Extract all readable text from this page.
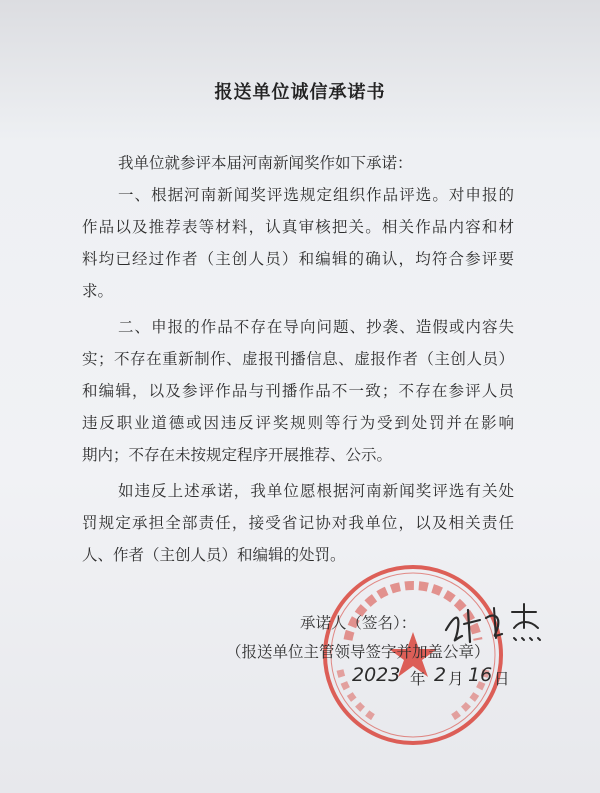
报送单位诚信承诺书
我单位就参评本届河南新闻奖作如下承诺：
一、根据河南新闻奖评选规定组织作品评选。对申报的
作品以及推荐表等材料，认真审核把关。相关作品内容和材
料均已经过作者（主创人员）和编辑的确认，均符合参评要
求。
二、申报的作品不存在导向问题、抄袭、造假或内容失
实；不存在重新制作、虚报刊播信息、虚报作者（主创人员）
和编辑，以及参评作品与刊播作品不一致；不存在参评人员
违反职业道德或因违反评奖规则等行为受到处罚并在影响
期内；不存在未按规定程序开展推荐、公示。
如违反上述承诺，我单位愿根据河南新闻奖评选有关处
罚规定承担全部责任，接受省记协对我单位，以及相关责任
人、作者（主创人员）和编辑的处罚。
承诺人（签名）：
（报送单位主管领导签字并加盖公章）
2023 年 2 月 16 日
